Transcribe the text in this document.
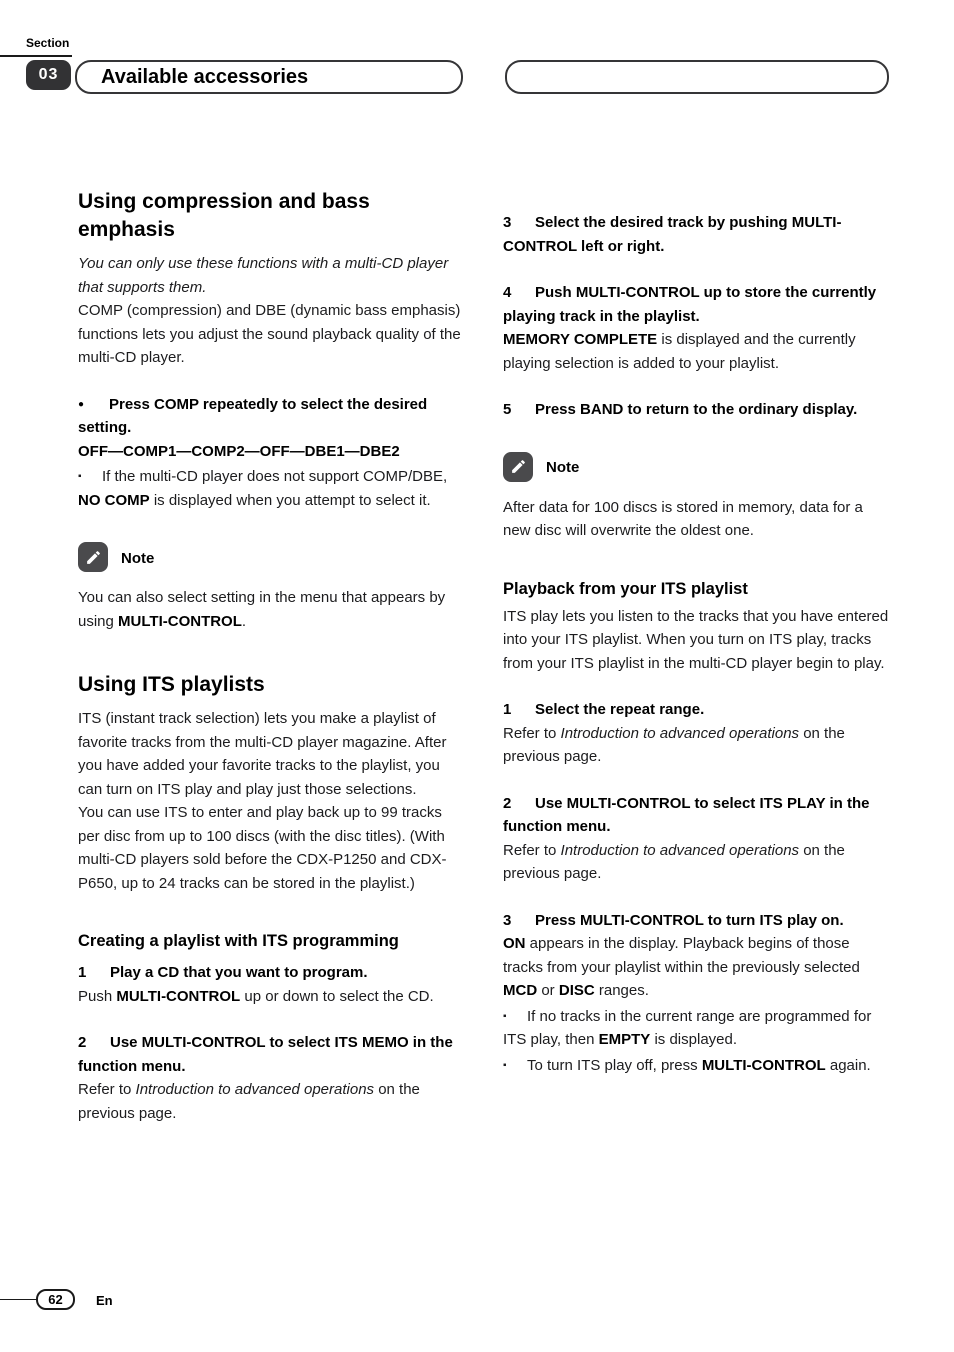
Section
03	Available accessories
Using compression and bass emphasis

You can only use these functions with a multi-CD player that supports them.

COMP (compression) and DBE (dynamic bass emphasis) functions lets you adjust the sound playback quality of the multi-CD player.

● Press COMP repeatedly to select the desired setting.

OFF—COMP1—COMP2—OFF—DBE1—DBE2

▪ If the multi-CD player does not support COMP/DBE, NO COMP is displayed when you attempt to select it.

Note

You can also select setting in the menu that appears by using MULTI-CONTROL.

Using ITS playlists

ITS (instant track selection) lets you make a playlist of favorite tracks from the multi-CD player magazine. After you have added your favorite tracks to the playlist, you can turn on ITS play and play just those selections.

You can use ITS to enter and play back up to 99 tracks per disc from up to 100 discs (with the disc titles). (With multi-CD players sold before the CDX-P1250 and CDX-P650, up to 24 tracks can be stored in the playlist.)

Creating a playlist with ITS programming

1 Play a CD that you want to program.

Push MULTI-CONTROL up or down to select the CD.

2 Use MULTI-CONTROL to select ITS MEMO in the function menu.

Refer to Introduction to advanced operations on the previous page.

3 Select the desired track by pushing MULTI-CONTROL left or right.

4 Push MULTI-CONTROL up to store the currently playing track in the playlist.

MEMORY COMPLETE is displayed and the currently playing selection is added to your playlist.

5 Press BAND to return to the ordinary display.

Note

After data for 100 discs is stored in memory, data for a new disc will overwrite the oldest one.

Playback from your ITS playlist

ITS play lets you listen to the tracks that you have entered into your ITS playlist. When you turn on ITS play, tracks from your ITS playlist in the multi-CD player begin to play.

1 Select the repeat range.

Refer to Introduction to advanced operations on the previous page.

2 Use MULTI-CONTROL to select ITS PLAY in the function menu.

Refer to Introduction to advanced operations on the previous page.

3 Press MULTI-CONTROL to turn ITS play on.

ON appears in the display. Playback begins of those tracks from your playlist within the previously selected MCD or DISC ranges.

▪ If no tracks in the current range are programmed for ITS play, then EMPTY is displayed.

▪ To turn ITS play off, press MULTI-CONTROL again.

62	En
